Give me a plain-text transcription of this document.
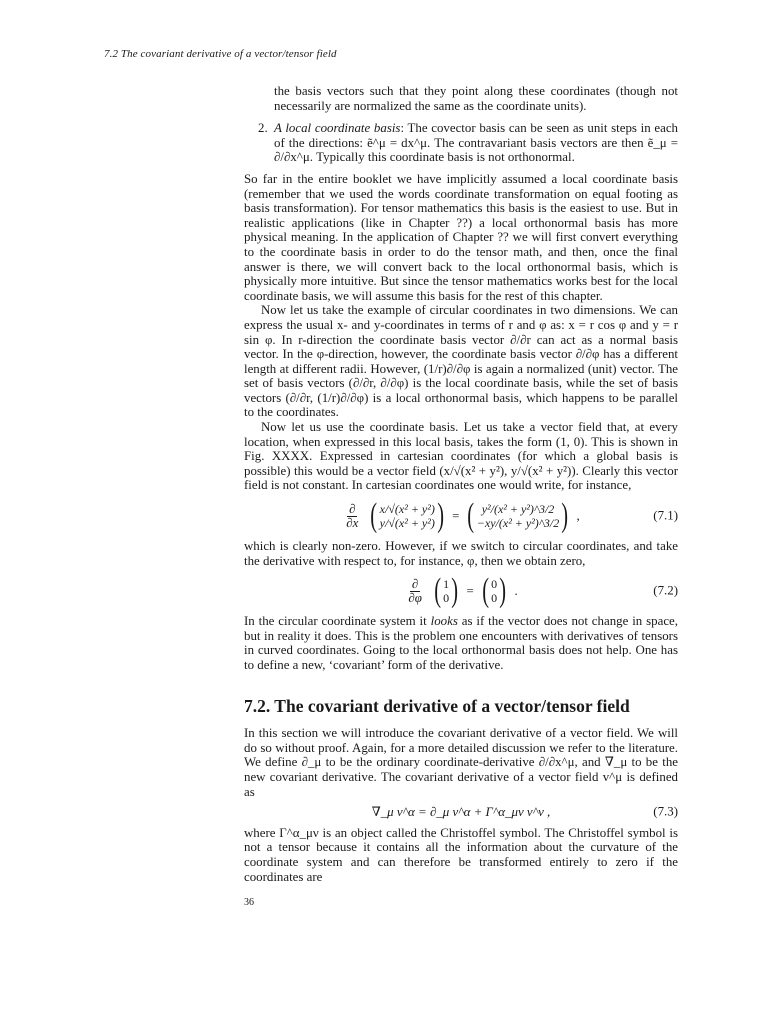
7.2 The covariant derivative of a vector/tensor field

the basis vectors such that they point along these coordinates (though not necessarily are normalized the same as the coordinate units).

2. A local coordinate basis: The covector basis can be seen as unit steps in each of the directions: ẽ^μ = dx^μ. The contravariant basis vectors are then ẽ_μ = ∂/∂x^μ. Typically this coordinate basis is not orthonormal.

So far in the entire booklet we have implicitly assumed a local coordinate basis (remember that we used the words coordinate transformation on equal footing as basis transformation). For tensor mathematics this basis is the easiest to use. But in realistic applications (like in Chapter ??) a local orthonormal basis has more physical meaning. In the application of Chapter ?? we will first convert everything to the coordinate basis in order to do the tensor math, and then, once the final answer is there, we will convert back to the local orthonormal basis, which is physically more intuitive. But since the tensor mathematics works best for the local coordinate basis, we will assume this basis for the rest of this chapter.

Now let us take the example of circular coordinates in two dimensions. We can express the usual x- and y-coordinates in terms of r and φ as: x = r cos φ and y = r sin φ. In r-direction the coordinate basis vector ∂/∂r can act as a normal basis vector. In the φ-direction, however, the coordinate basis vector ∂/∂φ has a different length at different radii. However, (1/r)∂/∂φ is again a normalized (unit) vector. The set of basis vectors (∂/∂r, ∂/∂φ) is the local coordinate basis, while the set of basis vectors (∂/∂r, (1/r)∂/∂φ) is a local orthonormal basis, which happens to be parallel to the coordinates.

Now let us use the coordinate basis. Let us take a vector field that, at every location, when expressed in this local basis, takes the form (1, 0). This is shown in Fig. XXXX. Expressed in cartesian coordinates (for which a global basis is possible) this would be a vector field (x/√(x² + y²), y/√(x² + y²)). Clearly this vector field is not constant. In cartesian coordinates one would write, for instance,

$\frac{\partial}{\partial x}$ ( x/√(x² + y²)
y/√(x² + y²) ) = ( y²/(x² + y²)^3/2
−xy/(x² + y²)^3/2 ) ,	(7.1)

which is clearly non-zero. However, if we switch to circular coordinates, and take the derivative with respect to, for instance, φ, then we obtain zero,

$\frac{\partial}{\partial\varphi}$ ( 1
0 ) = ( 0
0 ) .	(7.2)

In the circular coordinate system it looks as if the vector does not change in space, but in reality it does. This is the problem one encounters with derivatives of tensors in curved coordinates. Going to the local orthonormal basis does not help. One has to define a new, ‘covariant’ form of the derivative.

7.2. The covariant derivative of a vector/tensor field

In this section we will introduce the covariant derivative of a vector field. We will do so without proof. Again, for a more detailed discussion we refer to the literature. We define ∂_μ to be the ordinary coordinate-derivative ∂/∂x^μ, and ∇_μ to be the new covariant derivative. The covariant derivative of a vector field v^μ is defined as

∇_μ v^α = ∂_μ v^α + Γ^α_μν v^ν ,	(7.3)

where Γ^α_μν is an object called the Christoffel symbol. The Christoffel symbol is not a tensor because it contains all the information about the curvature of the coordinate system and can therefore be transformed entirely to zero if the coordinates are

36
